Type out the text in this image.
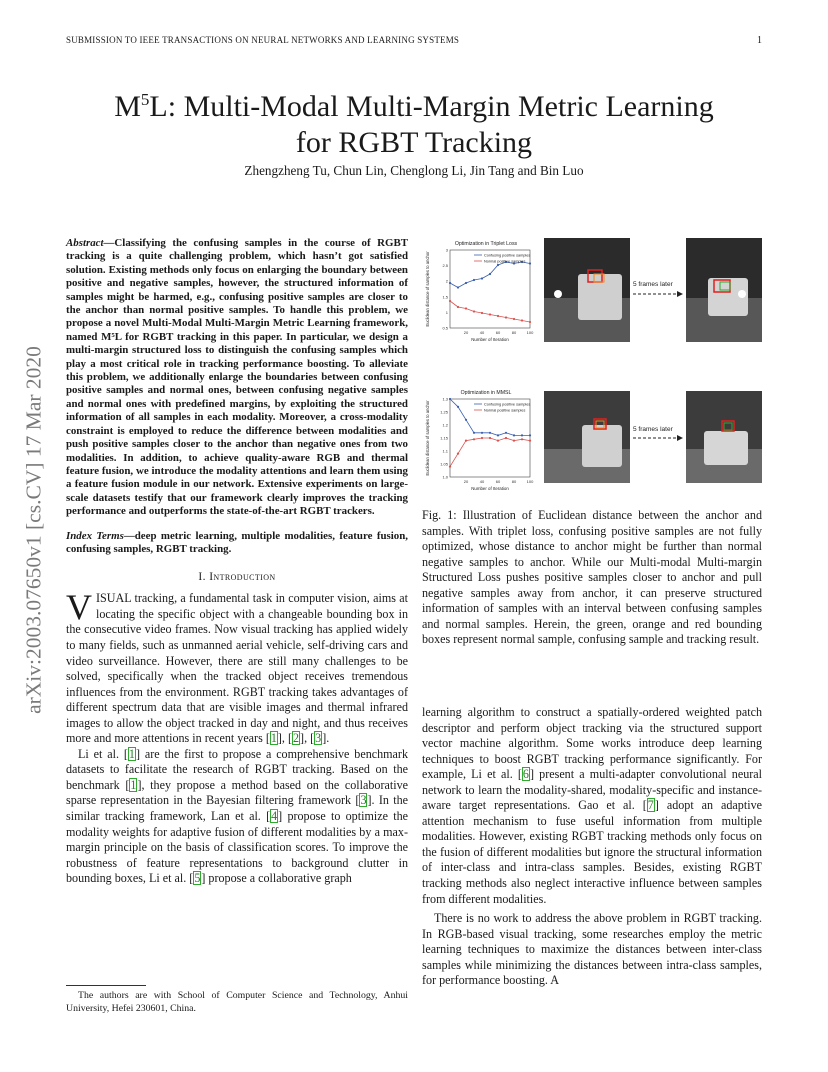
SUBMISSION TO IEEE TRANSACTIONS ON NEURAL NETWORKS AND LEARNING SYSTEMS	1
arXiv:2003.07650v1 [cs.CV] 17 Mar 2020
$M^5L$: Multi-Modal Multi-Margin Metric Learning
for RGBT Tracking
Zhengzheng Tu, Chun Lin, Chenglong Li, Jin Tang and Bin Luo

Abstract—Classifying the confusing samples in the course of RGBT tracking is a quite challenging problem, which hasn’t got satisfied solution. Existing methods only focus on enlarging the boundary between positive and negative samples, however, the structured information of samples might be harmed, e.g., confusing positive samples are closer to the anchor than normal positive samples. To handle this problem, we propose a novel Multi-Modal Multi-Margin Metric Learning framework, named M⁵L for RGBT tracking in this paper. In particular, we design a multi-margin structured loss to distinguish the confusing samples which play a most critical role in tracking performance boosting. To alleviate this problem, we additionally enlarge the boundaries between confusing positive samples and normal ones, between confusing negative samples and normal ones with predefined margins, by exploiting the structured information of all samples in each modality. Moreover, a cross-modality constraint is employed to reduce the difference between modalities and push positive samples closer to the anchor than negative ones from two modalities. In addition, to achieve quality-aware RGB and thermal feature fusion, we introduce the modality attentions and learn them using a feature fusion module in our network. Extensive experiments on large-scale datasets testify that our framework clearly improves the tracking performance and outperforms the state-of-the-art RGBT trackers.

Index Terms—deep metric learning, multiple modalities, feature fusion, confusing samples, RGBT tracking.

I. Introduction

VISUAL tracking, a fundamental task in computer vision, aims at locating the specific object with a changeable bounding box in the consecutive video frames. Now visual tracking has applied widely to many fields, such as unmanned aerial vehicle, self-driving cars and video surveillance. However, there are still many challenges to be solved, specifically when the tracked object receives tremendous influences from the environment. RGBT tracking takes advantages of different spectrum data that are visible images and thermal infrared images to allow the object tracked in day and night, and thus receives more and more attentions in recent years [1], [2], [3].

Li et al. [1] are the first to propose a comprehensive benchmark datasets to facilitate the research of RGBT tracking. Based on the benchmark [1], they propose a method based on the collaborative sparse representation in the Bayesian filtering framework [3]. In the similar tracking framework, Lan et al. [4] propose to optimize the modality weights for adaptive fusion of different modalities by a max-margin principle on the basis of classification scores. To improve the robustness of feature representations to background clutter in bounding boxes, Li et al. [5] propose a collaborative graph

The authors are with School of Computer Science and Technology, Anhui University, Hefei 230601, China.
Optimization in Triplet Loss
0.5
1
1.5
2
2.5
3
20	40	60	80	100
Number of Iteration
Euclidean distance of samples to anchor	Confusing positive samples
Normal positive samples
5 frames later
Optimization in MMSL
1.0
1.05
1.1
1.15
1.2
1.25
1.3
20	40	60	80	100
Number of Iteration
Euclidean distance of samples to anchor	Confusing positive samples
Normal positive samples
5 frames later

Fig. 1: Illustration of Euclidean distance between the anchor and samples. With triplet loss, confusing positive samples are not fully optimized, whose distance to anchor might be further than normal negative samples to anchor. While our Multi-modal Multi-margin Structured Loss pushes positive samples closer to anchor and pull negative samples away from anchor, it can preserve structured information of samples with an interval between confusing samples and normal samples. Herein, the green, orange and red bounding boxes represent normal sample, confusing sample and tracking result.

learning algorithm to construct a spatially-ordered weighted patch descriptor and perform object tracking via the structured support vector machine algorithm. Some works introduce deep learning techniques to boost RGBT tracking performance significantly. For example, Li et al. [6] present a multi-adapter convolutional neural network to learn the modality-shared, modality-specific and instance-aware target representations. Gao et al. [7] adopt an adaptive attention mechanism to fuse useful information from multiple modalities. However, existing RGBT tracking methods only focus on the fusion of different modalities but ignore the structural information of inter-class and intra-class samples. Besides, existing RGBT tracking methods also neglect interactive influence between samples from different modalities.

There is no work to address the above problem in RGBT tracking. In RGB-based visual tracking, some researches employ the metric learning techniques to maximize the distances between inter-class samples while minimizing the distances between intra-class samples, for performance boosting. A
